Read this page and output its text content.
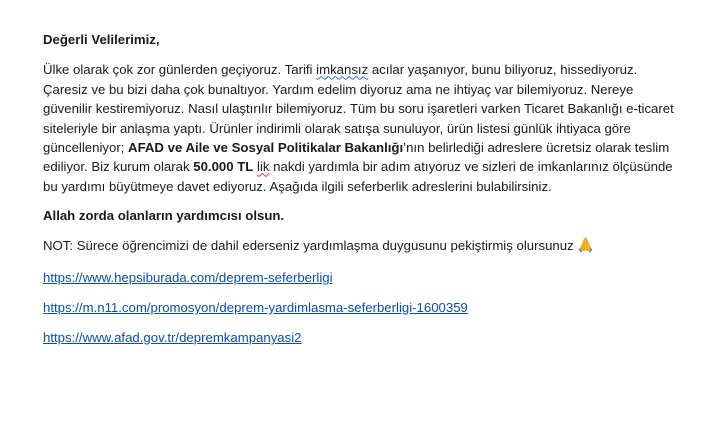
Değerli Velilerimiz,

Ülke olarak çok zor günlerden geçiyoruz. Tarifi imkansız acılar yaşanıyor, bunu biliyoruz, hissediyoruz. Çaresiz ve bu bizi daha çok bunaltıyor. Yardım edelim diyoruz ama ne ihtiyaç var bilemiyoruz. Nereye güvenilir kestiremiyoruz. Nasıl ulaştırılır bilemiyoruz. Tüm bu soru işaretleri varken Ticaret Bakanlığı e-ticaret siteleriyle bir anlaşma yaptı. Ürünler indirimli olarak satışa sunuluyor, ürün listesi günlük ihtiyaca göre güncelleniyor; AFAD ve Aile ve Sosyal Politikalar Bakanlığı’nın belirlediği adreslere ücretsiz olarak teslim ediliyor. Biz kurum olarak 50.000 TL lik nakdi yardımla bir adım atıyoruz ve sizleri de imkanlarınız ölçüsünde bu yardımı büyütmeye davet ediyoruz. Aşağıda ilgili seferberlik adreslerini bulabilirsiniz.

Allah zorda olanların yardımcısı olsun.

NOT: Sürece öğrencimizi de dahil ederseniz yardımlaşma duygusunu pekiştirmiş olursunuz

https://www.hepsiburada.com/deprem-seferberligi
https://m.n11.com/promosyon/deprem-yardimlasma-seferberligi-1600359
https://www.afad.gov.tr/depremkampanyasi2
